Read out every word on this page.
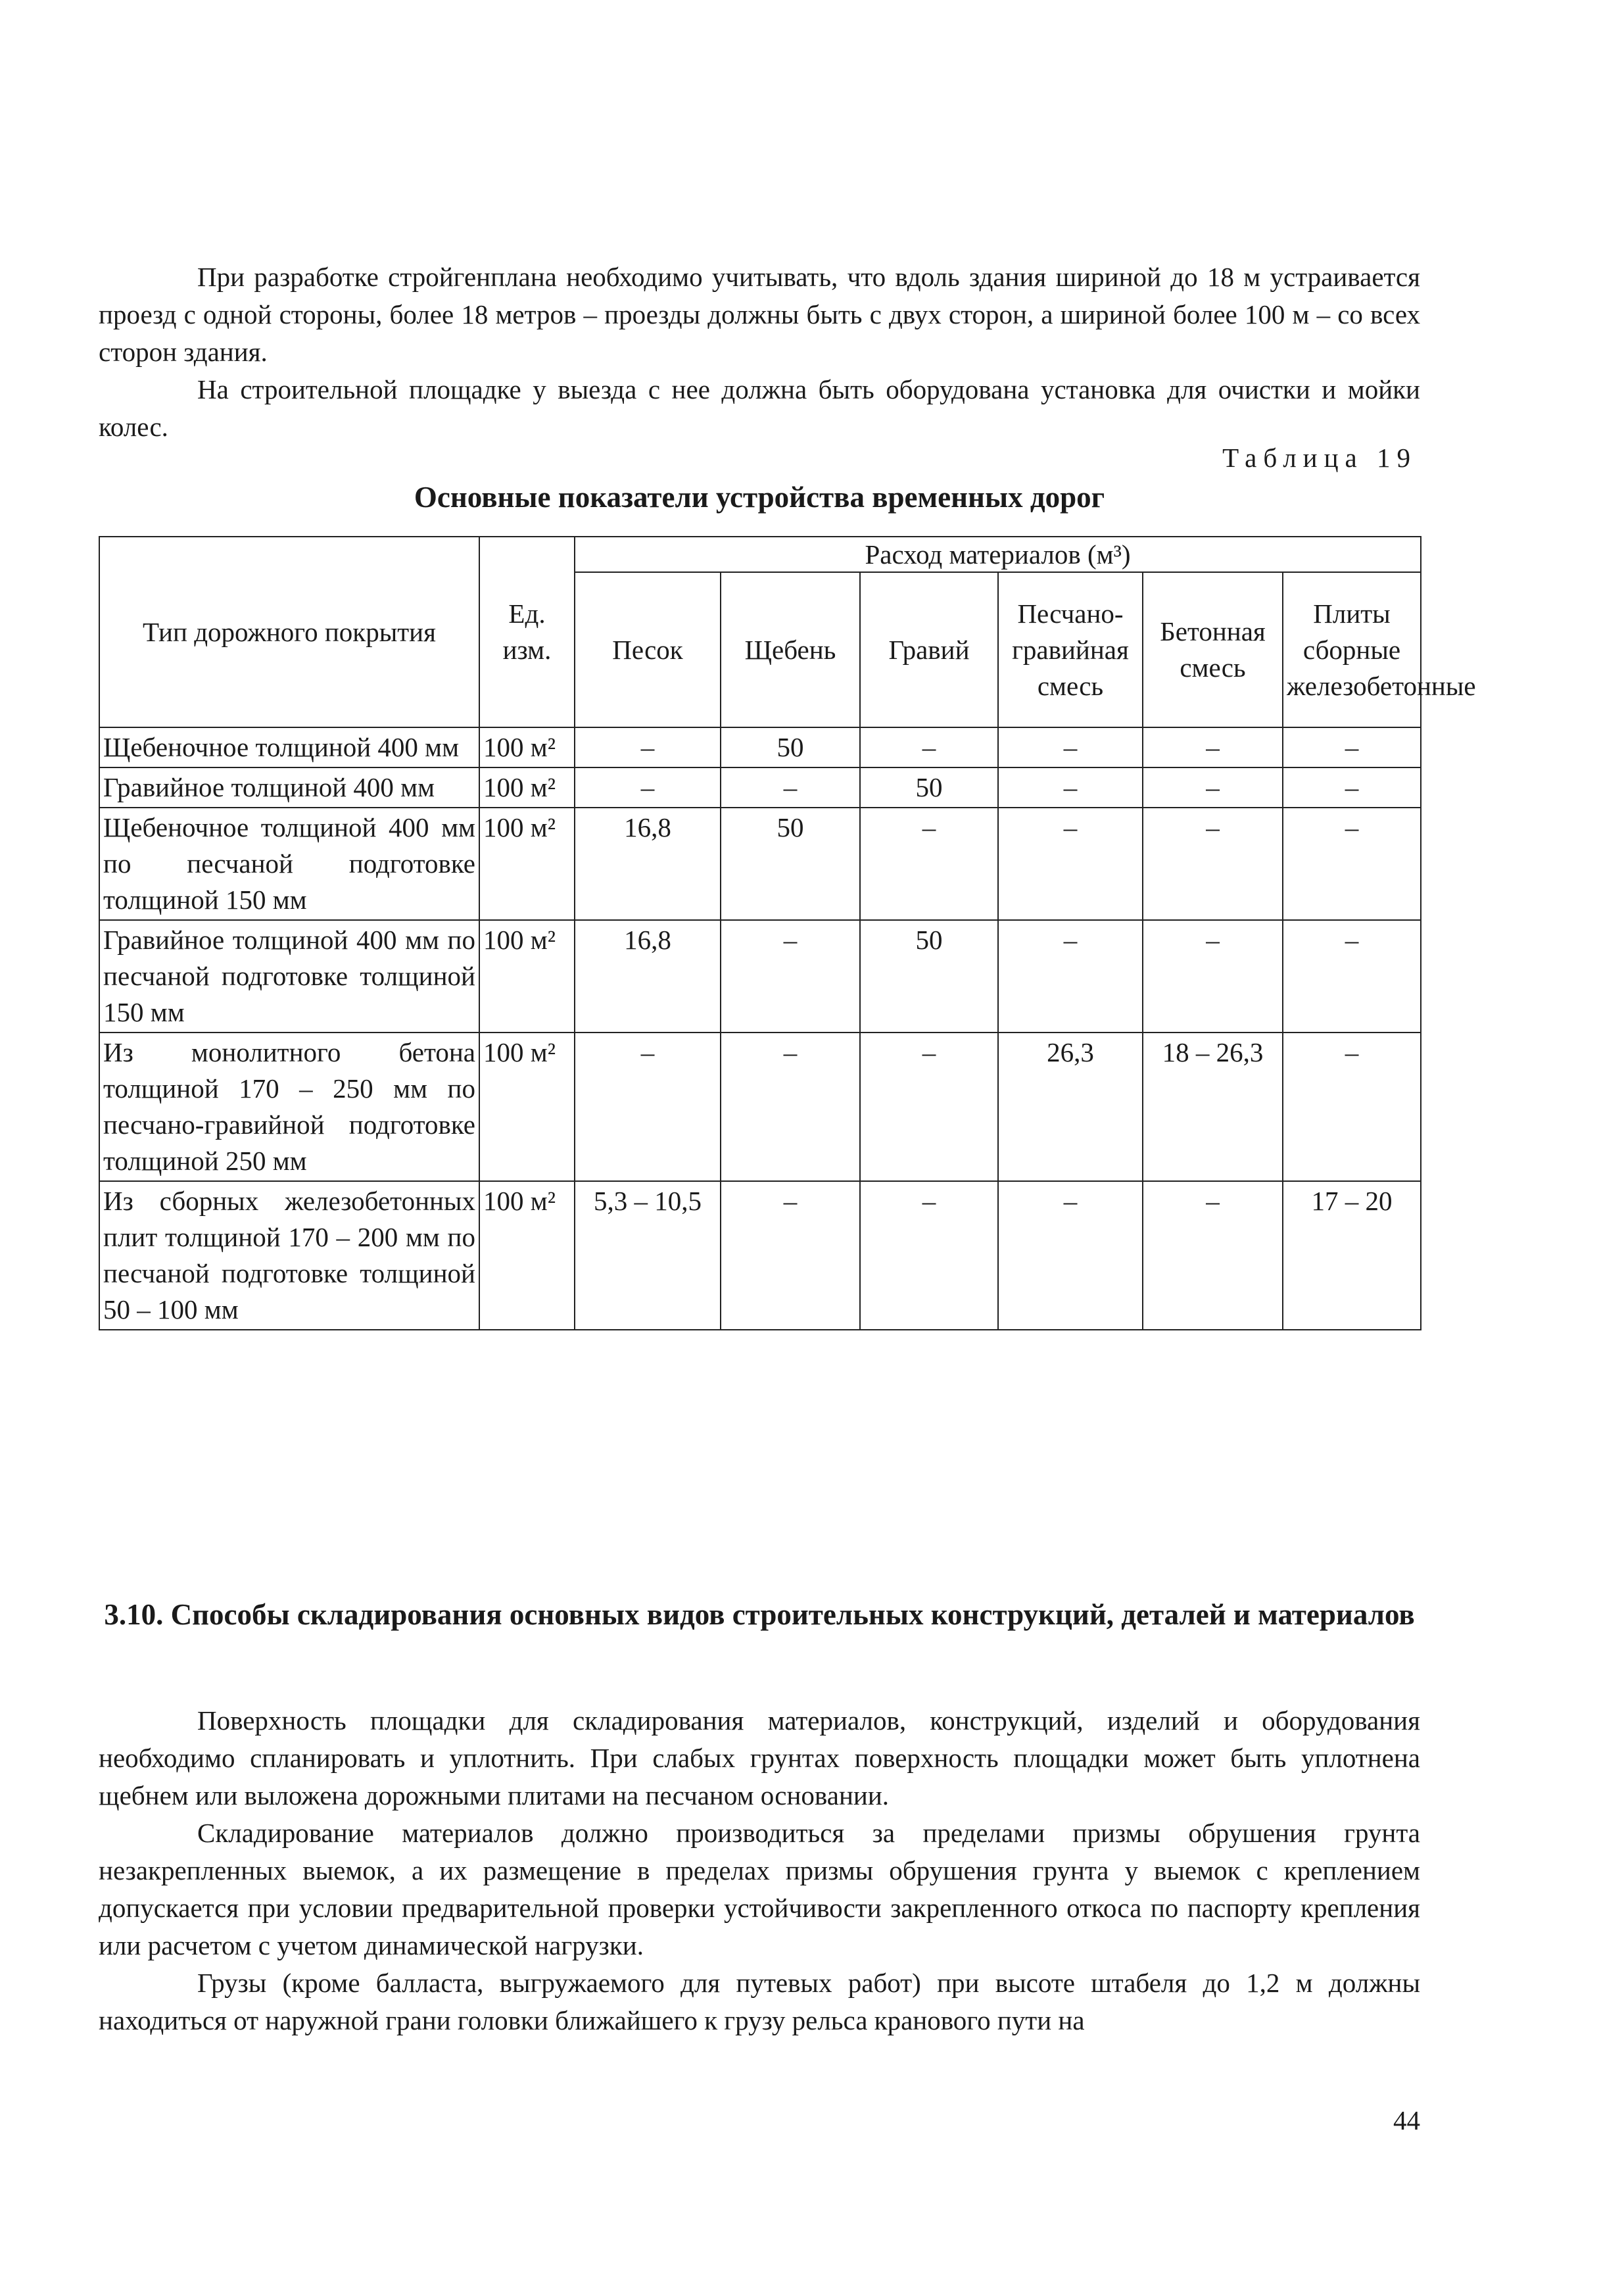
При разработке стройгенплана необходимо учитывать, что вдоль здания шириной до 18 м устраивается проезд с одной стороны, более 18 метров – проезды должны быть с двух сторон, а шириной более 100 м – со всех сторон здания.

На строительной площадке у выезда с нее должна быть оборудована установка для очистки и мойки колес.

Таблица 19

Основные показатели устройства временных дорог

Тип дорожного покрытия	Ед. изм.	Расход материалов (м³)					
		Песок	Щебень	Гравий	Песчано-гравийная смесь	Бетонная смесь	Плиты сборные железобетонные
Щебеночное толщиной 400 мм	100 м²	–	50	–	–	–	–
Гравийное толщиной 400 мм	100 м²	–	–	50	–	–	–
Щебеночное толщиной 400 мм по песчаной подготовке толщиной 150 мм	100 м²	16,8	50	–	–	–	–
Гравийное толщиной 400 мм по песчаной подготовке толщиной 150 мм	100 м²	16,8	–	50	–	–	–
Из монолитного бетона толщиной 170 – 250 мм по песчано-гравийной подготовке толщиной 250 мм	100 м²	–	–	–	26,3	18 – 26,3	–
Из сборных железобетонных плит толщиной 170 – 200 мм по песчаной подготовке толщиной 50 – 100 мм	100 м²	5,3 – 10,5	–	–	–	–	17 – 20

3.10. Способы складирования основных видов строительных конструкций, деталей и материалов

Поверхность площадки для складирования материалов, конструкций, изделий и оборудования необходимо спланировать и уплотнить. При слабых грунтах поверхность площадки может быть уплотнена щебнем или выложена дорожными плитами на песчаном основании.

Складирование материалов должно производиться за пределами призмы обрушения грунта незакрепленных выемок, а их размещение в пределах призмы обрушения грунта у выемок с креплением допускается при условии предварительной проверки устойчивости закрепленного откоса по паспорту крепления или расчетом с учетом динамической нагрузки.

Грузы (кроме балласта, выгружаемого для путевых работ) при высоте штабеля до 1,2 м должны находиться от наружной грани головки ближайшего к грузу рельса кранового пути на

44
